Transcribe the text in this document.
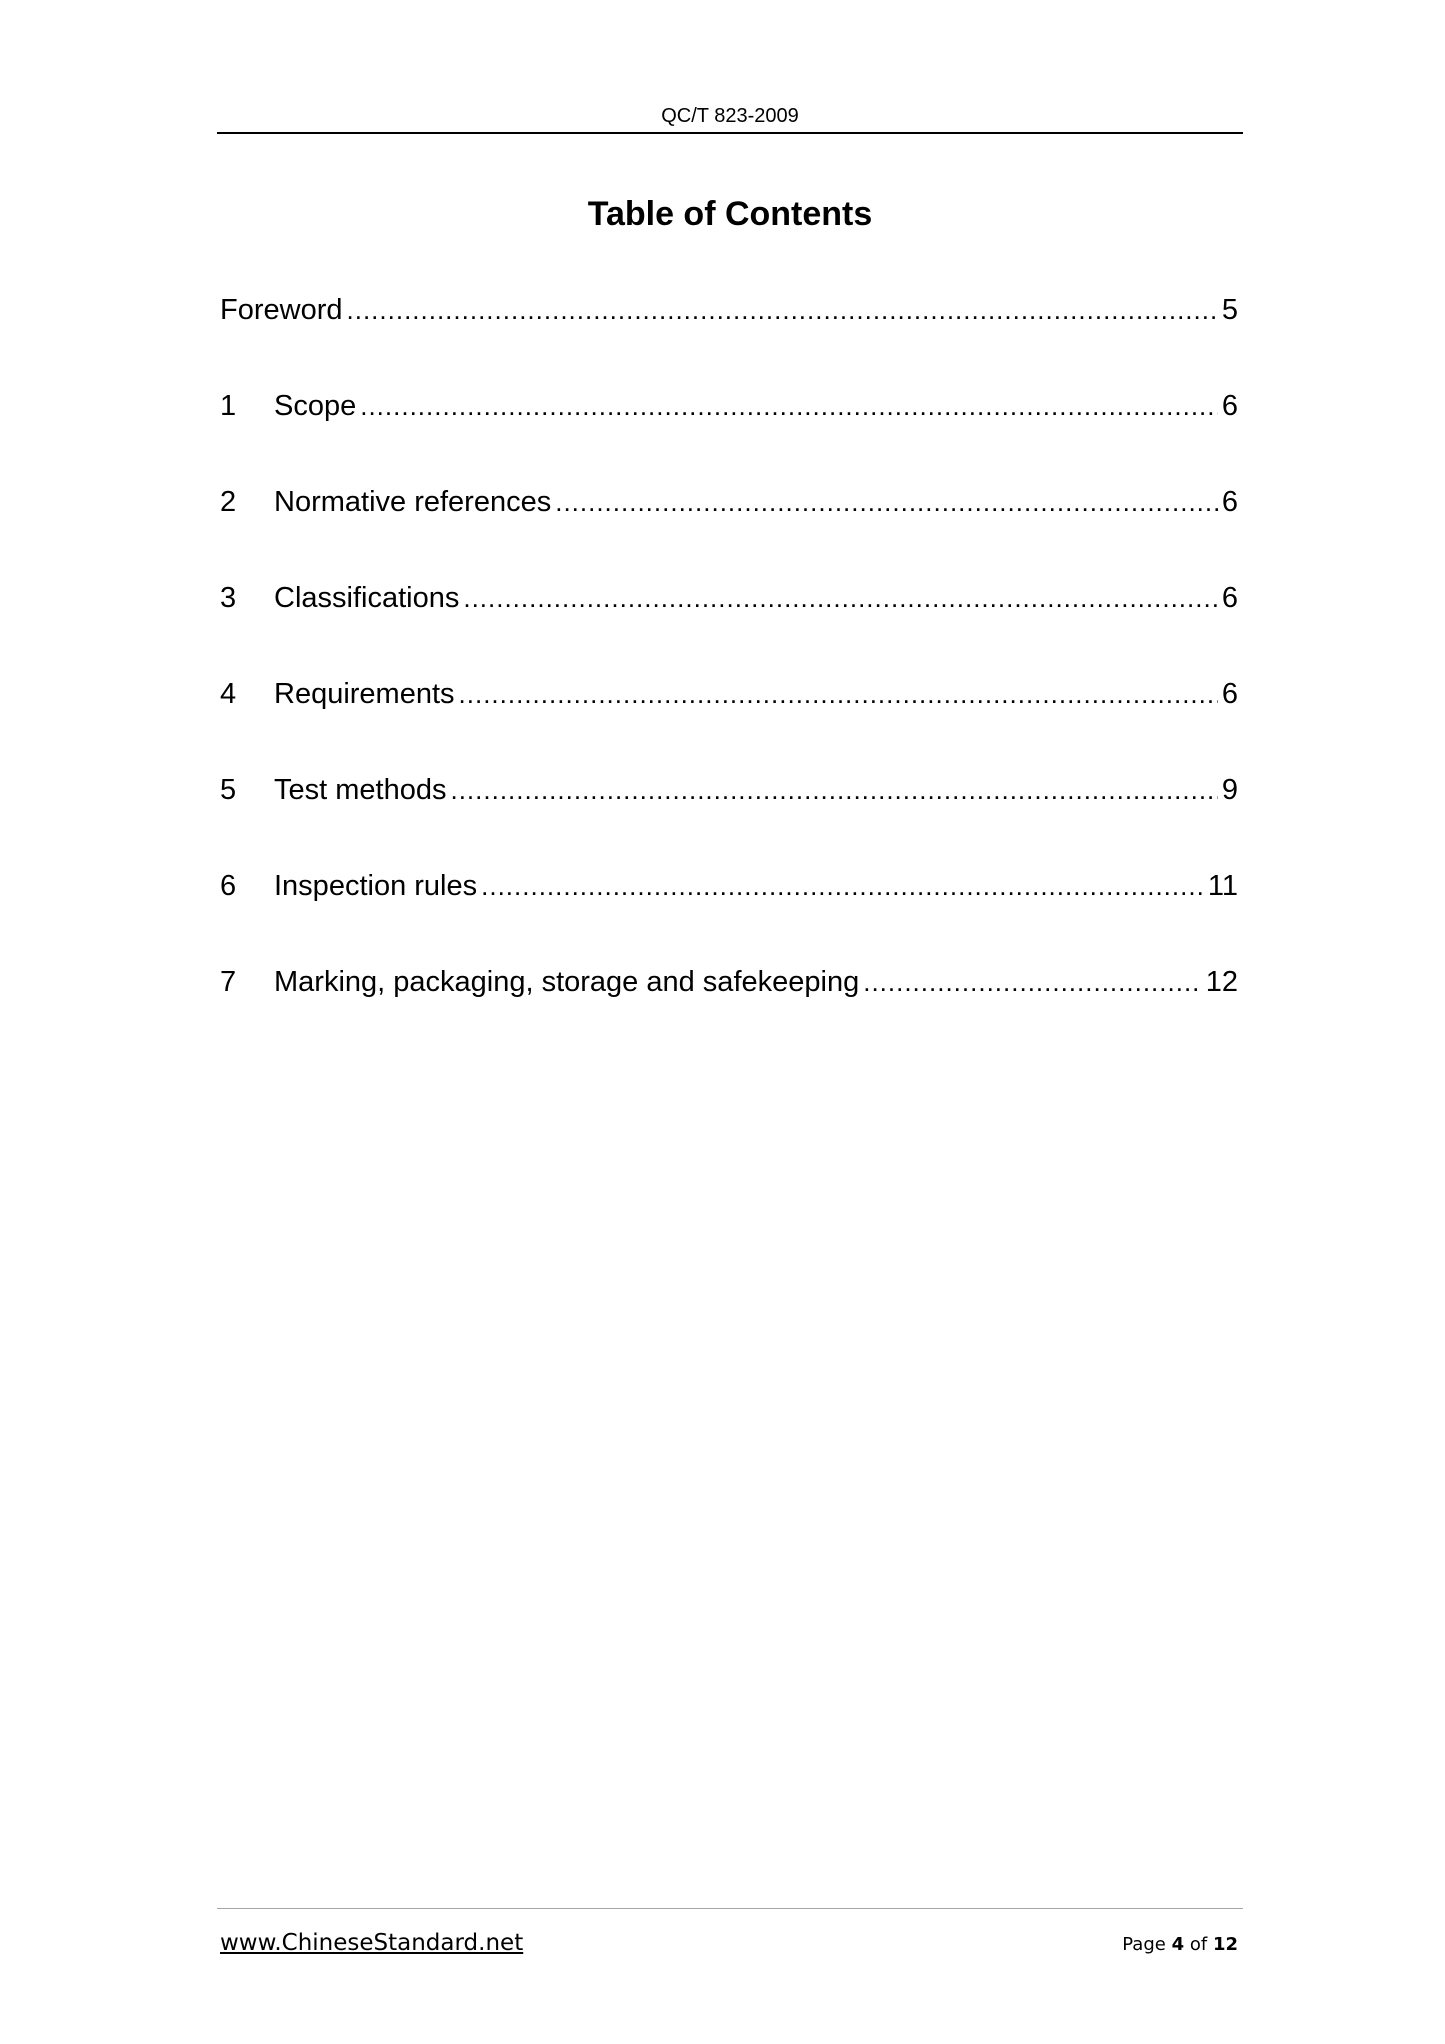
QC/T 823-2009
Table of Contents
Foreword .....	5
1	Scope .....	6
2	Normative references .....	6
3	Classifications .....	6
4	Requirements .....	6
5	Test methods .....	9
6	Inspection rules .....	11
7	Marking, packaging, storage and safekeeping .....	12
www.ChineseStandard.net	Page 4 of 12
